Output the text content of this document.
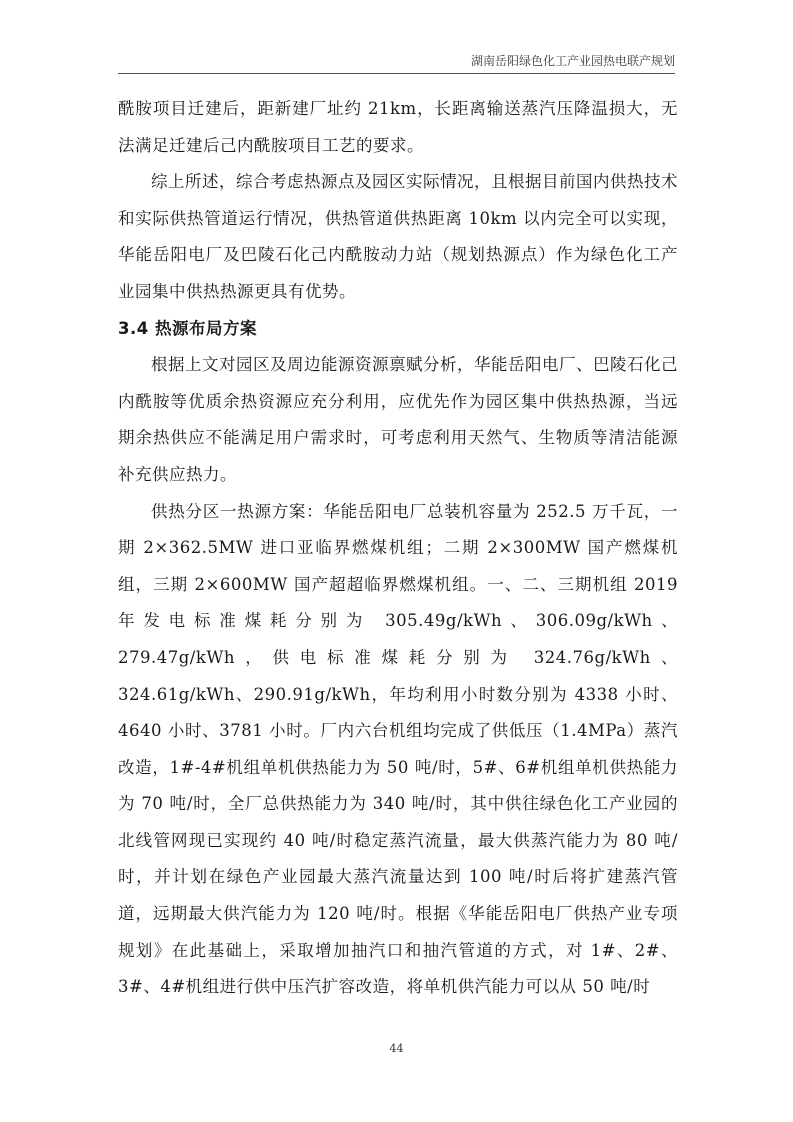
湖南岳阳绿色化工产业园热电联产规划

酰胺项目迁建后，距新建厂址约 21km，长距离输送蒸汽压降温损大，无法满足迁建后己内酰胺项目工艺的要求。

综上所述，综合考虑热源点及园区实际情况，且根据目前国内供热技术和实际供热管道运行情况，供热管道供热距离 10km 以内完全可以实现，华能岳阳电厂及巴陵石化己内酰胺动力站（规划热源点）作为绿色化工产业园集中供热热源更具有优势。

3.4 热源布局方案

根据上文对园区及周边能源资源禀赋分析，华能岳阳电厂、巴陵石化己内酰胺等优质余热资源应充分利用，应优先作为园区集中供热热源，当远期余热供应不能满足用户需求时，可考虑利用天然气、生物质等清洁能源补充供应热力。

供热分区一热源方案：华能岳阳电厂总装机容量为 252.5 万千瓦，一期 2×362.5MW 进口亚临界燃煤机组；二期 2×300MW 国产燃煤机组，三期 2×600MW 国产超超临界燃煤机组。一、二、三期机组 2019 年发电标准煤耗分别为 305.49g/kWh、306.09g/kWh、279.47g/kWh，供电标准煤耗分别为 324.76g/kWh、324.61g/kWh、290.91g/kWh，年均利用小时数分别为 4338 小时、4640 小时、3781 小时。厂内六台机组均完成了供低压（1.4MPa）蒸汽改造，1#-4#机组单机供热能力为 50 吨/时，5#、6#机组单机供热能力为 70 吨/时，全厂总供热能力为 340 吨/时，其中供往绿色化工产业园的北线管网现已实现约 40 吨/时稳定蒸汽流量，最大供蒸汽能力为 80 吨/时，并计划在绿色产业园最大蒸汽流量达到 100 吨/时后将扩建蒸汽管道，远期最大供汽能力为 120 吨/时。根据《华能岳阳电厂供热产业专项规划》在此基础上，采取增加抽汽口和抽汽管道的方式，对 1#、2#、3#、4#机组进行供中压汽扩容改造，将单机供汽能力可以从 50 吨/时

44
